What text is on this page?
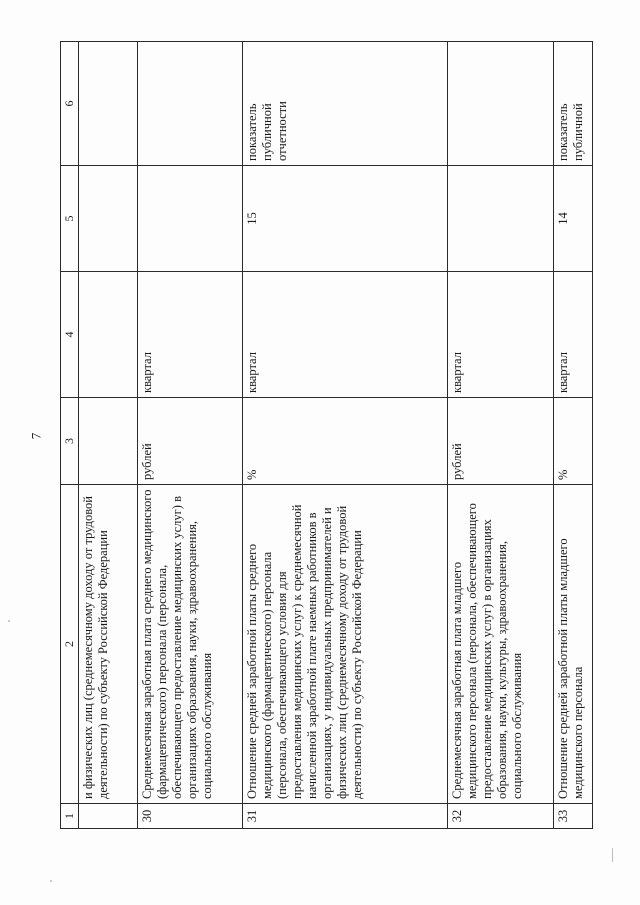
7
1	2	3	4	5	6
	и физических лиц (среднемесячному доходу от трудовой деятельности) по субъекту Российской Федерации				
30	Среднемесячная заработная плата среднего медицинского (фармацевтического) персонала (персонала, обеспечивающего предоставление медицинских услуг) в организациях образования, науки, здравоохранения, социального обслуживания	рублей	квартал		
31	Отношение средней заработной платы среднего медицинского (фармацевтического) персонала (персонала, обеспечивающего условия для предоставления медицинских услуг) к среднемесячной начисленной заработной плате наемных работников в организациях, у индивидуальных предпринимателей и физических лиц (среднемесячному доходу от трудовой деятельности) по субъекту Российской Федерации	%	квартал	15	показатель публичной отчетности
32	Среднемесячная заработная плата младшего медицинского персонала (персонала, обеспечивающего предоставление медицинских услуг) в организациях образования, науки, культуры, здравоохранения, социального обслуживания	рублей	квартал		
33	Отношение средней заработной платы младшего медицинского персонала	%	квартал	14	показатель публичной
